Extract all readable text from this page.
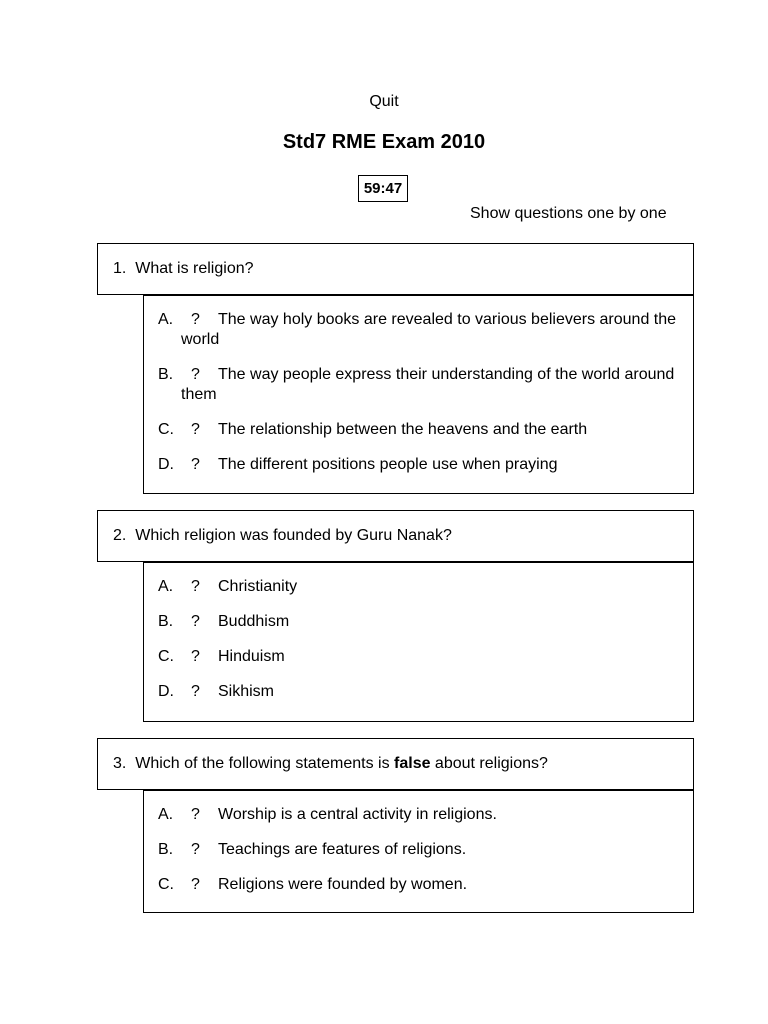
Quit
Std7 RME Exam 2010
59:47
Show questions one by one
1. What is religion?
A. ? The way holy books are revealed to various believers around the world
B. ? The way people express their understanding of the world around them
C. ? The relationship between the heavens and the earth
D. ? The different positions people use when praying
2. Which religion was founded by Guru Nanak?
A. ? Christianity
B. ? Buddhism
C. ? Hinduism
D. ? Sikhism
3. Which of the following statements is false about religions?
A. ? Worship is a central activity in religions.
B. ? Teachings are features of religions.
C. ? Religions were founded by women.
